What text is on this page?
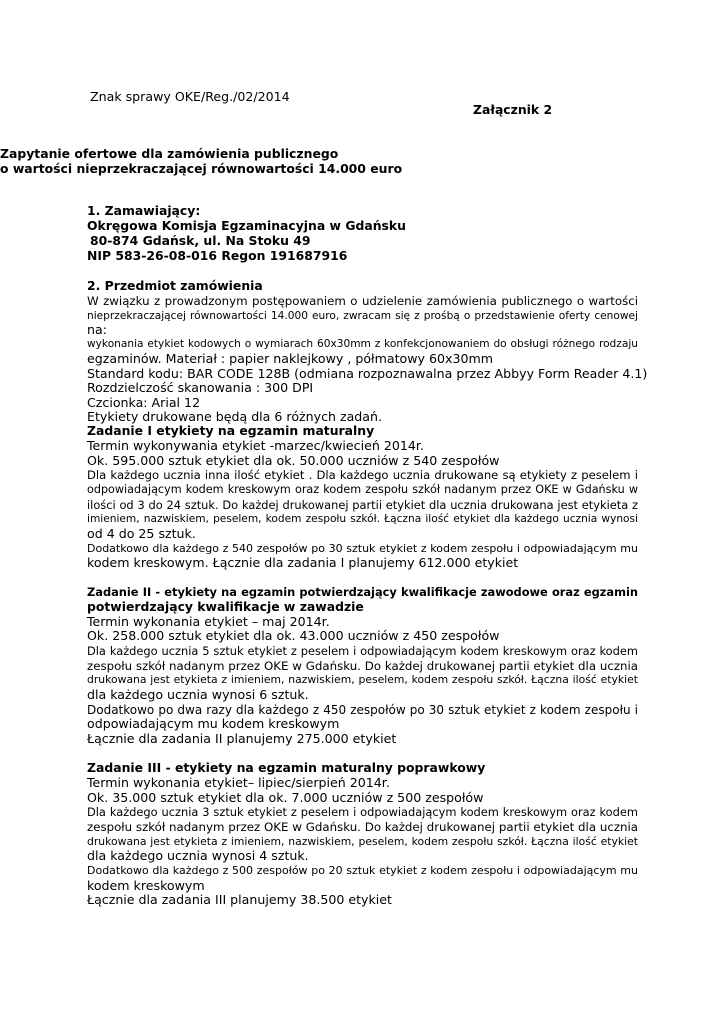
Znak sprawy OKE/Reg./02/2014

Załącznik 2

Zapytanie ofertowe dla zamówienia publicznego

o wartości nieprzekraczającej równowartości 14.000 euro

1. Zamawiający:

Okręgowa Komisja Egzaminacyjna w Gdańsku

80-874 Gdańsk, ul. Na Stoku 49

NIP 583-26-08-016 Regon 191687916

2. Przedmiot zamówienia

W związku z prowadzonym postępowaniem o udzielenie zamówienia publicznego o wartości

nieprzekraczającej równowartości 14.000 euro, zwracam się z prośbą o przedstawienie oferty cenowej

na:

wykonania etykiet kodowych o wymiarach 60x30mm z konfekcjonowaniem do obsługi różnego rodzaju

egzaminów. Materiał : papier naklejkowy , półmatowy 60x30mm

Standard kodu: BAR CODE 128B (odmiana rozpoznawalna przez Abbyy Form Reader 4.1)

Rozdzielczość skanowania : 300 DPI

Czcionka: Arial 12

Etykiety drukowane będą dla 6 różnych zadań.

Zadanie I etykiety na egzamin maturalny

Termin wykonywania etykiet -marzec/kwiecień 2014r.

Ok. 595.000 sztuk etykiet dla ok. 50.000 uczniów z 540 zespołów

Dla każdego ucznia inna ilość etykiet . Dla każdego ucznia drukowane są etykiety z peselem i

odpowiadającym kodem kreskowym oraz kodem zespołu szkół nadanym przez OKE w Gdańsku w

ilości od 3 do 24 sztuk. Do każdej drukowanej partii etykiet dla ucznia drukowana jest etykieta z

imieniem, nazwiskiem, peselem, kodem zespołu szkół. Łączna ilość etykiet dla każdego ucznia wynosi

od 4 do 25 sztuk.

Dodatkowo dla każdego z 540 zespołów po 30 sztuk etykiet z kodem zespołu i odpowiadającym mu

kodem kreskowym. Łącznie dla zadania I planujemy 612.000 etykiet

Zadanie II - etykiety na egzamin potwierdzający kwalifikacje zawodowe oraz egzamin

potwierdzający kwalifikacje w zawadzie

Termin wykonania etykiet – maj 2014r.

Ok. 258.000 sztuk etykiet dla ok. 43.000 uczniów z 450 zespołów

Dla każdego ucznia 5 sztuk etykiet z peselem i odpowiadającym kodem kreskowym oraz kodem

zespołu szkół nadanym przez OKE w Gdańsku. Do każdej drukowanej partii etykiet dla ucznia

drukowana jest etykieta z imieniem, nazwiskiem, peselem, kodem zespołu szkół. Łączna ilość etykiet

dla każdego ucznia wynosi 6 sztuk.

Dodatkowo po dwa razy dla każdego z 450 zespołów po 30 sztuk etykiet z kodem zespołu i

odpowiadającym mu kodem kreskowym

Łącznie dla zadania II planujemy 275.000 etykiet

Zadanie III - etykiety na egzamin maturalny poprawkowy

Termin wykonania etykiet– lipiec/sierpień 2014r.

Ok. 35.000 sztuk etykiet dla ok. 7.000 uczniów z 500 zespołów

Dla każdego ucznia 3 sztuk etykiet z peselem i odpowiadającym kodem kreskowym oraz kodem

zespołu szkół nadanym przez OKE w Gdańsku. Do każdej drukowanej partii etykiet dla ucznia

drukowana jest etykieta z imieniem, nazwiskiem, peselem, kodem zespołu szkół. Łączna ilość etykiet

dla każdego ucznia wynosi 4 sztuk.

Dodatkowo dla każdego z 500 zespołów po 20 sztuk etykiet z kodem zespołu i odpowiadającym mu

kodem kreskowym

Łącznie dla zadania III planujemy 38.500 etykiet
